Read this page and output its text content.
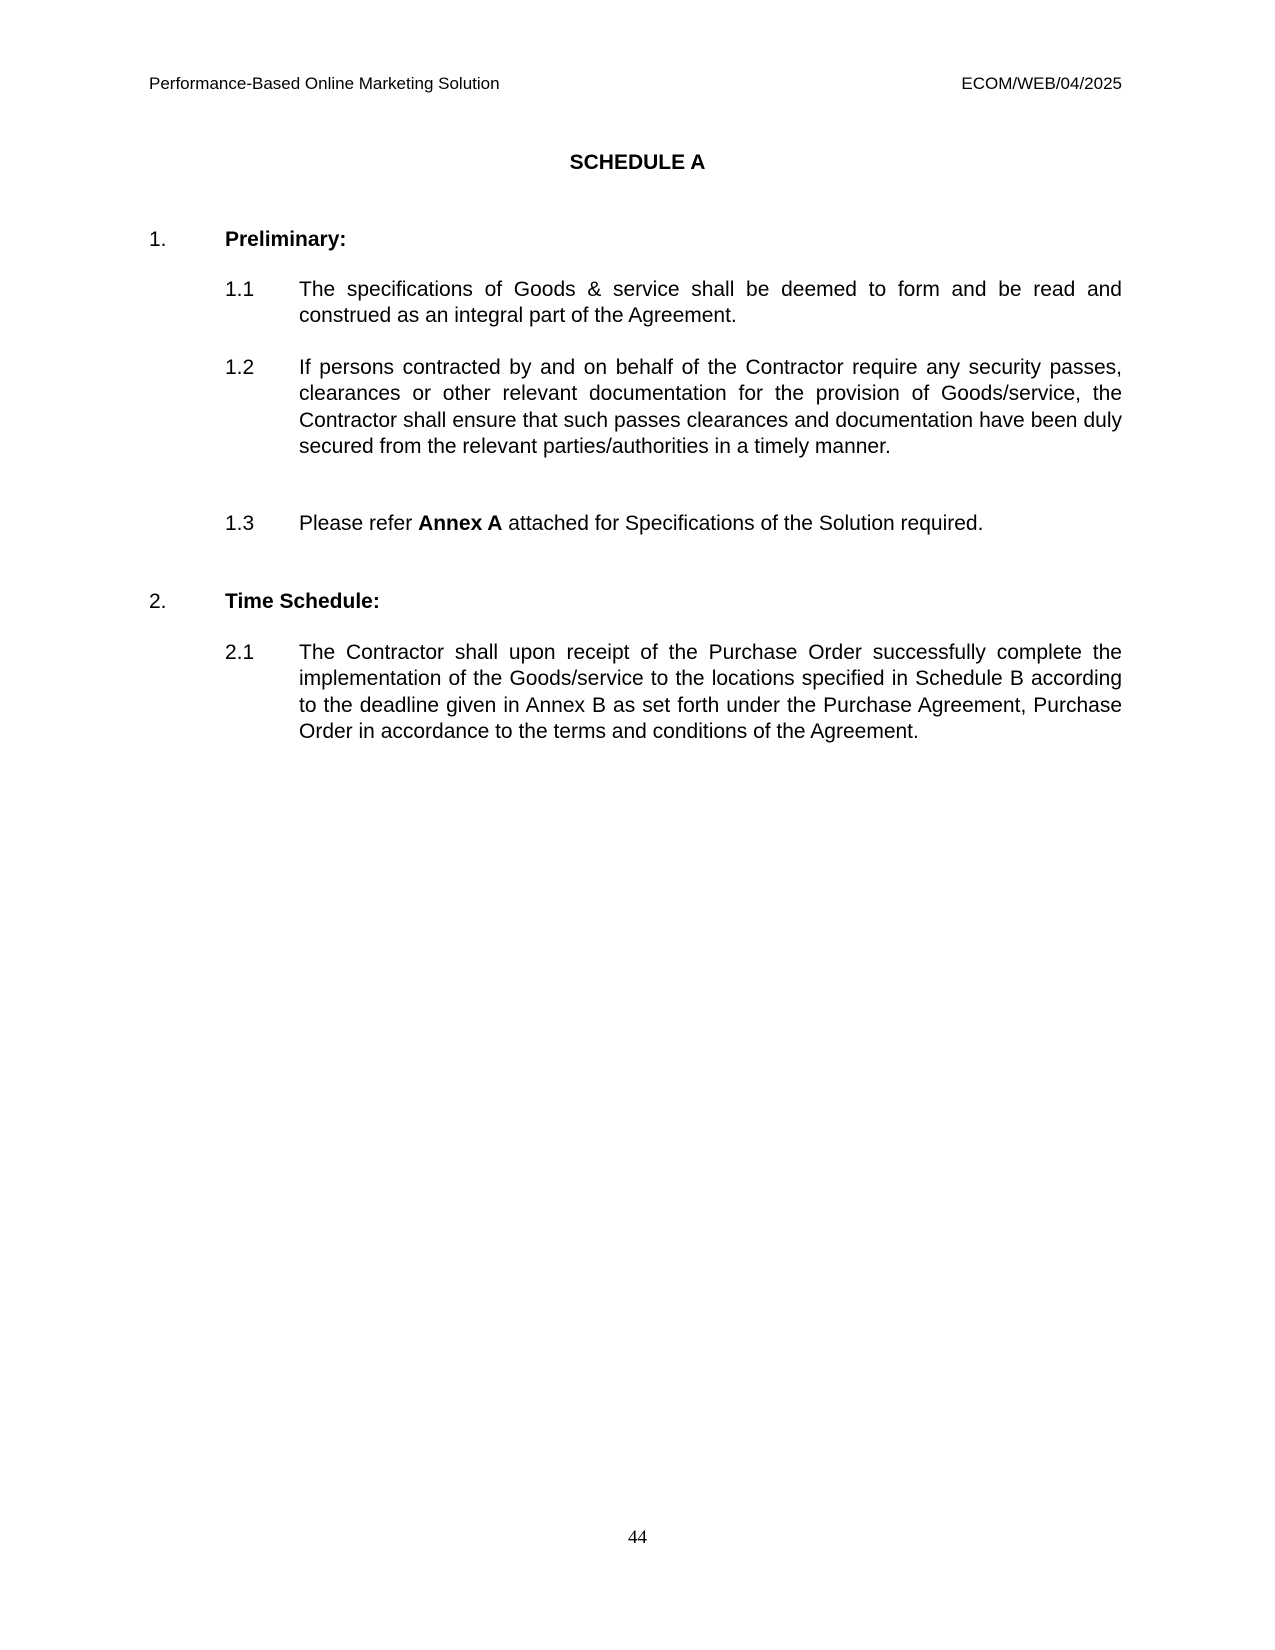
Performance-Based Online Marketing Solution	ECOM/WEB/04/2025
SCHEDULE A
1.	Preliminary:
1.1 The specifications of Goods & service shall be deemed to form and be read and construed as an integral part of the Agreement.
1.2 If persons contracted by and on behalf of the Contractor require any security passes, clearances or other relevant documentation for the provision of Goods/service, the Contractor shall ensure that such passes clearances and documentation have been duly secured from the relevant parties/authorities in a timely manner.
1.3 Please refer Annex A attached for Specifications of the Solution required.
2.	Time Schedule:
2.1 The Contractor shall upon receipt of the Purchase Order successfully complete the implementation of the Goods/service to the locations specified in Schedule B according to the deadline given in Annex B as set forth under the Purchase Agreement, Purchase Order in accordance to the terms and conditions of the Agreement.
44
